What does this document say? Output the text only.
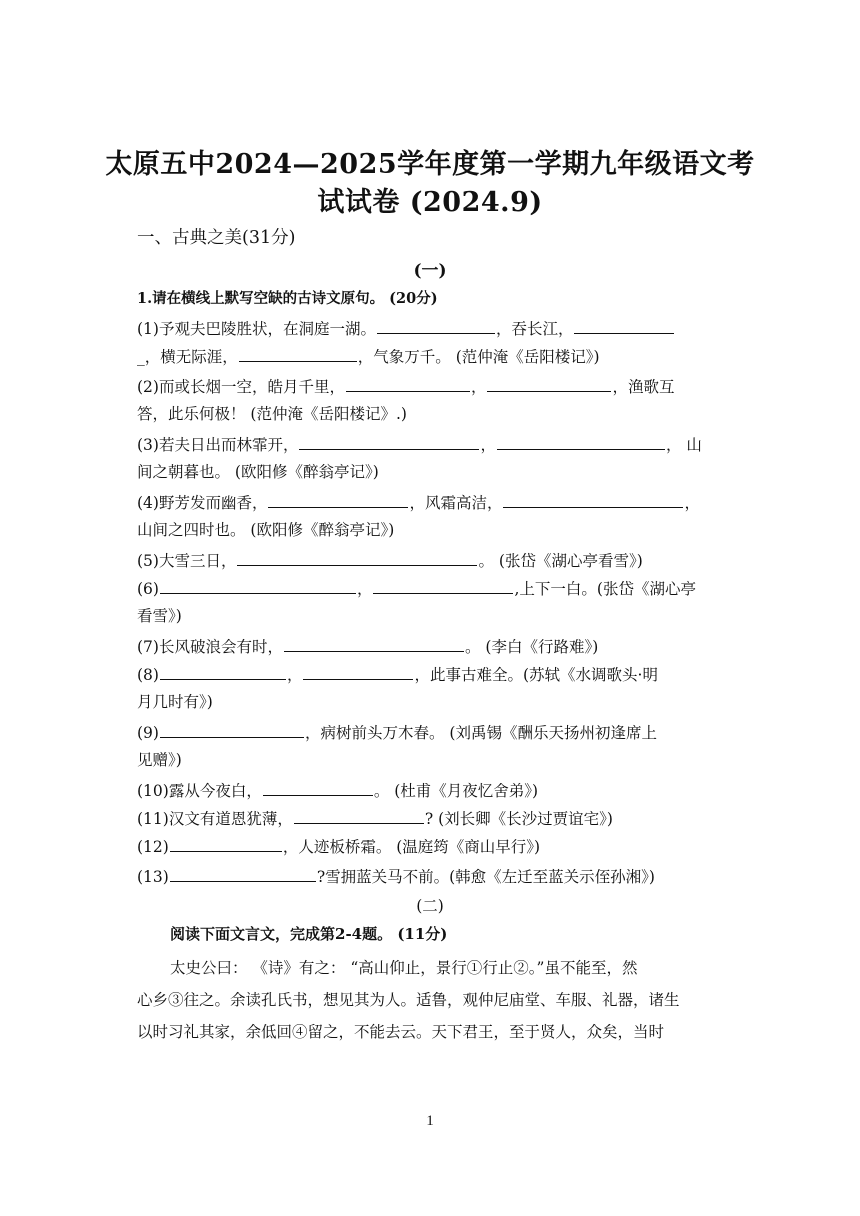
太原五中2024—2025学年度第一学期九年级语文考
试试卷 (2024.9)
一、古典之美(31分)
(一)
1.请在横线上默写空缺的古诗文原句。 (20分)
(1)予观夫巴陵胜状，在洞庭一湖。	，吞长江，
_，横无际涯，	，气象万千。 (范仲淹《岳阳楼记》)
(2)而或长烟一空，皓月千里，	，	，渔歌互
答，此乐何极！ (范仲淹《岳阳楼记》.)
(3)若夫日出而林霏开，	，	， 山
间之朝暮也。 (欧阳修《醉翁亭记》)
(4)野芳发而幽香，	，风霜高洁，	，
山间之四时也。 (欧阳修《醉翁亭记》)
(5)大雪三日，	。 (张岱《湖心亭看雪》)
(6)	，	,上下一白。(张岱《湖心亭
看雪》)
(7)长风破浪会有时，	。 (李白《行路难》)
(8)	，	，此事古难全。(苏轼《水调歌头·明
月几时有》)
(9)	，病树前头万木春。 (刘禹锡《酬乐天扬州初逢席上
见赠》)
(10)露从今夜白，	。 (杜甫《月夜忆舍弟》)
(11)汉文有道恩犹薄，	? (刘长卿《长沙过贾谊宅》)
(12)	，人迹板桥霜。 (温庭筠《商山早行》)
(13)	?雪拥蓝关马不前。(韩愈《左迁至蓝关示侄孙湘》)
(二)
阅读下面文言文，完成第2-4题。 (11分)
太史公曰： 《诗》有之： “高山仰止，景行①行止②。”虽不能至，然
心乡③往之。余读孔氏书，想见其为人。适鲁，观仲尼庙堂、车服、礼器，诸生
以时习礼其家，余低回④留之，不能去云。天下君王，至于贤人，众矣，当时
1
